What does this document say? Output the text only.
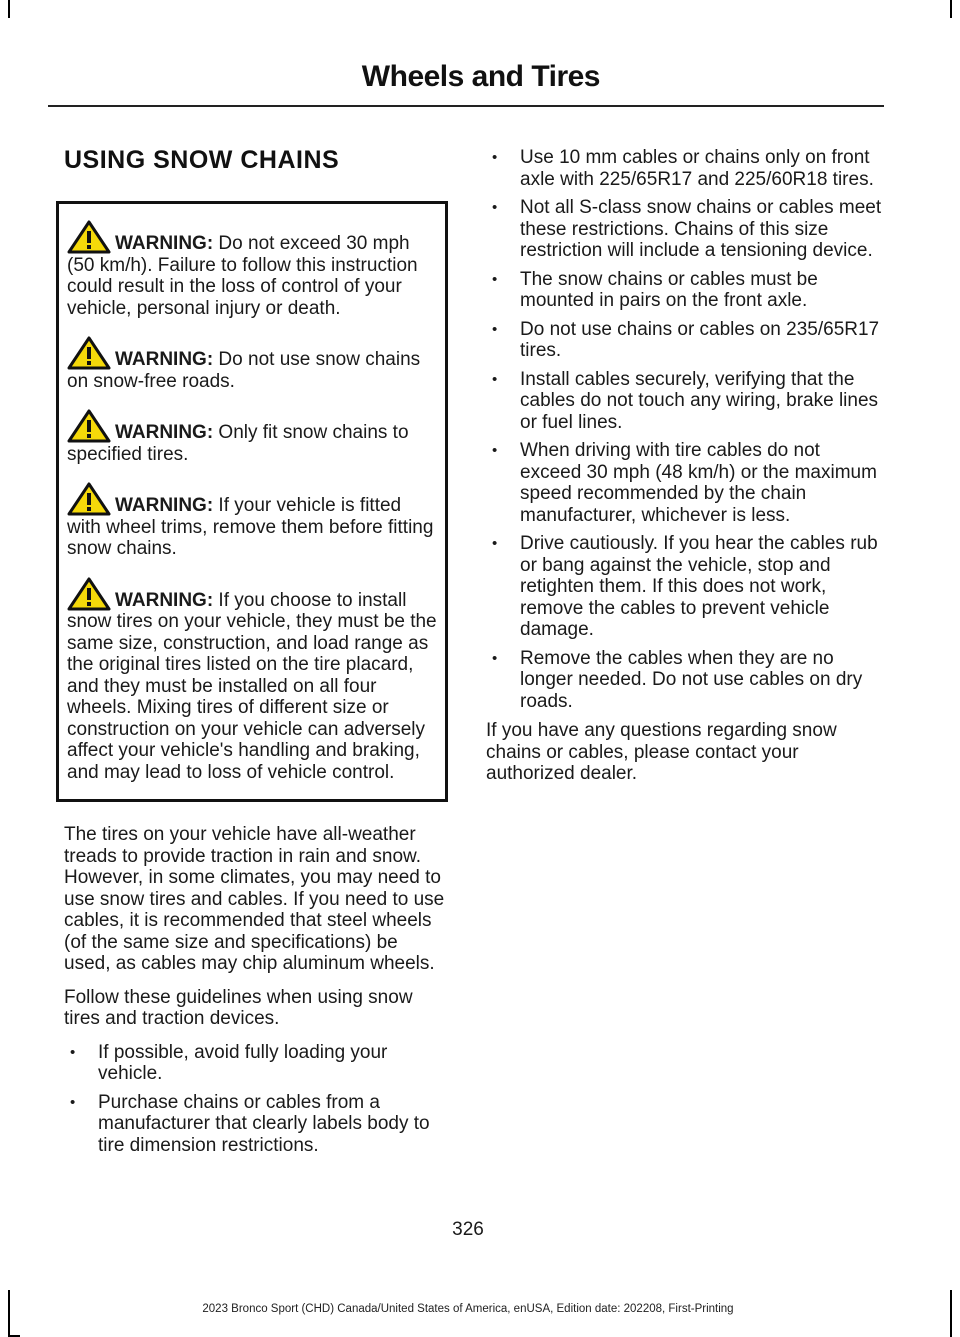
Wheels and Tires
USING SNOW CHAINS
WARNING: Do not exceed 30 mph (50 km/h). Failure to follow this instruction could result in the loss of control of your vehicle, personal injury or death.
WARNING: Do not use snow chains on snow-free roads.
WARNING: Only fit snow chains to specified tires.
WARNING: If your vehicle is fitted with wheel trims, remove them before fitting snow chains.
WARNING: If you choose to install snow tires on your vehicle, they must be the same size, construction, and load range as the original tires listed on the tire placard, and they must be installed on all four wheels. Mixing tires of different size or construction on your vehicle can adversely affect your vehicle's handling and braking, and may lead to loss of vehicle control.

The tires on your vehicle have all-weather treads to provide traction in rain and snow. However, in some climates, you may need to use snow tires and cables. If you need to use cables, it is recommended that steel wheels (of the same size and specifications) be used, as cables may chip aluminum wheels.

Follow these guidelines when using snow tires and traction devices.

• If possible, avoid fully loading your vehicle.
• Purchase chains or cables from a manufacturer that clearly labels body to tire dimension restrictions.
• Use 10 mm cables or chains only on front axle with 225/65R17 and 225/60R18 tires.
• Not all S-class snow chains or cables meet these restrictions. Chains of this size restriction will include a tensioning device.
• The snow chains or cables must be mounted in pairs on the front axle.
• Do not use chains or cables on 235/65R17 tires.
• Install cables securely, verifying that the cables do not touch any wiring, brake lines or fuel lines.
• When driving with tire cables do not exceed 30 mph (48 km/h) or the maximum speed recommended by the chain manufacturer, whichever is less.
• Drive cautiously. If you hear the cables rub or bang against the vehicle, stop and retighten them. If this does not work, remove the cables to prevent vehicle damage.
• Remove the cables when they are no longer needed. Do not use cables on dry roads.

If you have any questions regarding snow chains or cables, please contact your authorized dealer.

326
2023 Bronco Sport (CHD) Canada/United States of America, enUSA, Edition date: 202208, First-Printing
